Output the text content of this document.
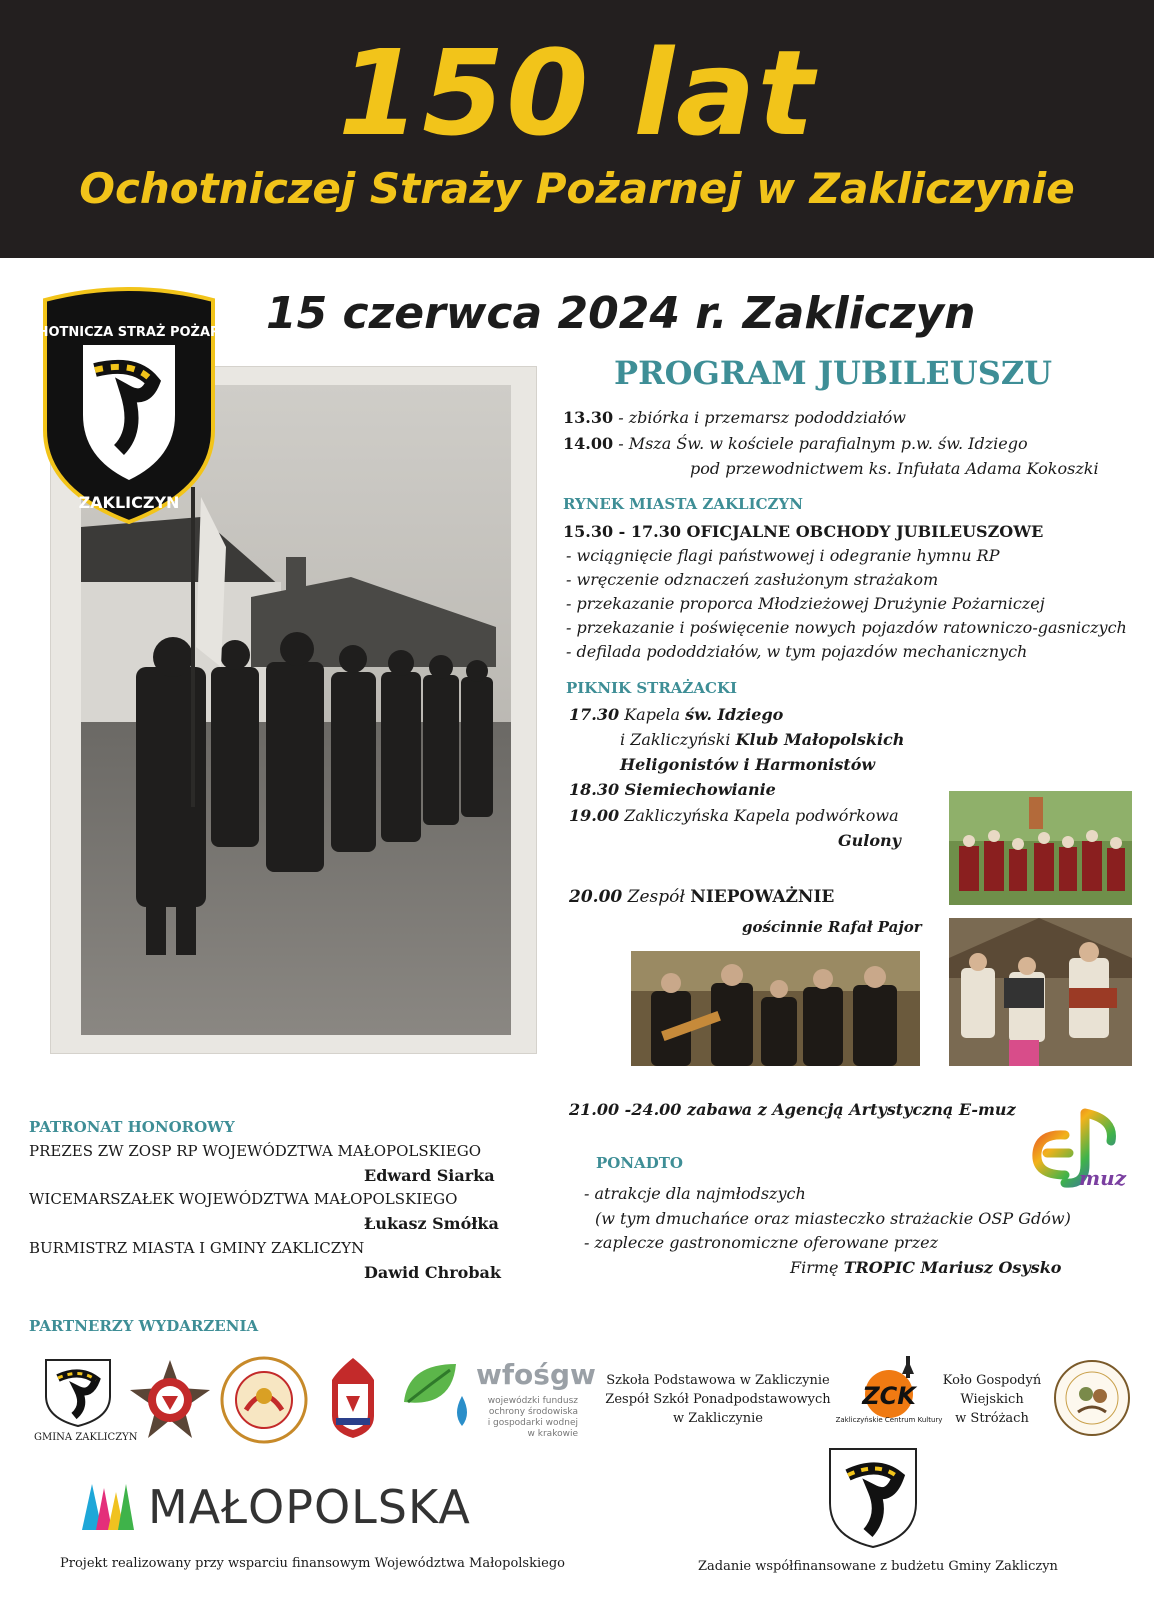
150 lat
Ochotniczej Straży Pożarnej w Zakliczynie
15 czerwca 2024 r. Zakliczyn
OCHOTNICZA STRAŻ POŻARNA
ZAKLICZYN
PROGRAM JUBILEUSZU
13.30 - zbiórka i przemarsz pododdziałów
14.00 - Msza Św. w kościele parafialnym p.w. św. Idziego
pod przewodnictwem ks. Infułata Adama Kokoszki
RYNEK MIASTA ZAKLICZYN
15.30 - 17.30 OFICJALNE OBCHODY JUBILEUSZOWE
- wciągnięcie flagi państwowej i odegranie hymnu RP
- wręczenie odznaczeń zasłużonym strażakom
- przekazanie proporca Młodzieżowej Drużynie Pożarniczej
- przekazanie i poświęcenie nowych pojazdów ratowniczo-gasniczych
- defilada pododdziałów, w tym pojazdów mechanicznych
PIKNIK STRAŻACKI
17.30 Kapela św. Idziego
i Zakliczyński Klub Małopolskich
Heligonistów i Harmonistów
18.30 Siemiechowianie
19.00 Zakliczyńska Kapela podwórkowa
Gulony
20.00 Zespół NIEPOWAŻNIE
gościnnie Rafał Pajor
21.00 -24.00 zabawa z Agencją Artystyczną E-muz
muz
PONADTO
- atrakcje dla najmłodszych
(w tym dmuchańce oraz miasteczko strażackie OSP Gdów)
- zaplecze gastronomiczne oferowane przez
Firmę TROPIC Mariusz Osysko
PATRONAT HONOROWY
PREZES ZW ZOSP RP WOJEWÓDZTWA MAŁOPOLSKIEGO
Edward Siarka
WICEMARSZAŁEK WOJEWÓDZTWA MAŁOPOLSKIEGO
Łukasz Smółka
BURMISTRZ MIASTA I GMINY ZAKLICZYN
Dawid Chrobak
PARTNERZY WYDARZENIA
GMINA ZAKLICZYN
wfośgw
wojewódzki fundusz
ochrony środowiska
i gospodarki wodnej
w krakowie
Szkoła Podstawowa w Zakliczynie
Zespół Szkół Ponadpodstawowych
w Zakliczynie
ZCK
Zakliczyńskie Centrum Kultury
Koło Gospodyń
Wiejskich
w Stróżach
MAŁOPOLSKA
Projekt realizowany przy wsparciu finansowym Województwa Małopolskiego	Zadanie współfinansowane z budżetu Gminy Zakliczyn
